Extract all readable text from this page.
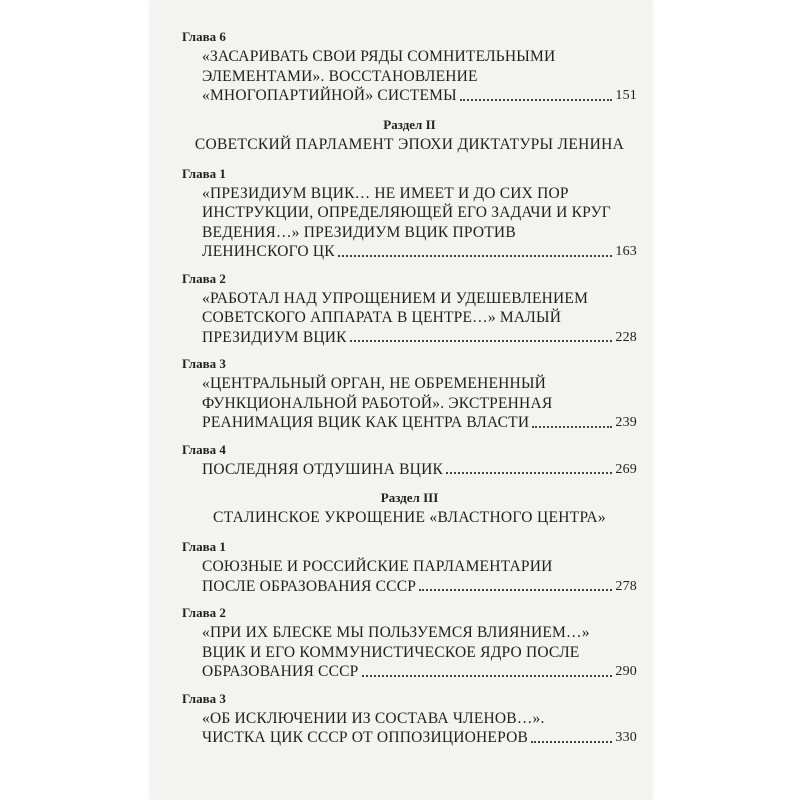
Глава 6
«ЗАСАРИВАТЬ СВОИ РЯДЫ СОМНИТЕЛЬНЫМИ
ЭЛЕМЕНТАМИ». ВОССТАНОВЛЕНИЕ
«МНОГОПАРТИЙНОЙ» СИСТЕМЫ	151
Раздел II
СОВЕТСКИЙ ПАРЛАМЕНТ ЭПОХИ ДИКТАТУРЫ ЛЕНИНА
Глава 1
«ПРЕЗИДИУМ ВЦИК… НЕ ИМЕЕТ И ДО СИХ ПОР
ИНСТРУКЦИИ, ОПРЕДЕЛЯЮЩЕЙ ЕГО ЗАДАЧИ И КРУГ
ВЕДЕНИЯ…» ПРЕЗИДИУМ ВЦИК ПРОТИВ
ЛЕНИНСКОГО ЦК	163
Глава 2
«РАБОТАЛ НАД УПРОЩЕНИЕМ И УДЕШЕВЛЕНИЕМ
СОВЕТСКОГО АППАРАТА В ЦЕНТРЕ…» МАЛЫЙ
ПРЕЗИДИУМ ВЦИК	228
Глава 3
«ЦЕНТРАЛЬНЫЙ ОРГАН, НЕ ОБРЕМЕНЕННЫЙ
ФУНКЦИОНАЛЬНОЙ РАБОТОЙ». ЭКСТРЕННАЯ
РЕАНИМАЦИЯ ВЦИК КАК ЦЕНТРА ВЛАСТИ	239
Глава 4
ПОСЛЕДНЯЯ ОТДУШИНА ВЦИК	269
Раздел III
СТАЛИНСКОЕ УКРОЩЕНИЕ «ВЛАСТНОГО ЦЕНТРА»
Глава 1
СОЮЗНЫЕ И РОССИЙСКИЕ ПАРЛАМЕНТАРИИ
ПОСЛЕ ОБРАЗОВАНИЯ СССР	278
Глава 2
«ПРИ ИХ БЛЕСКЕ МЫ ПОЛЬЗУЕМСЯ ВЛИЯНИЕМ…»
ВЦИК И ЕГО КОММУНИСТИЧЕСКОЕ ЯДРО ПОСЛЕ
ОБРАЗОВАНИЯ СССР	290
Глава 3
«ОБ ИСКЛЮЧЕНИИ ИЗ СОСТАВА ЧЛЕНОВ…».
ЧИСТКА ЦИК СССР ОТ ОППОЗИЦИОНЕРОВ	330
